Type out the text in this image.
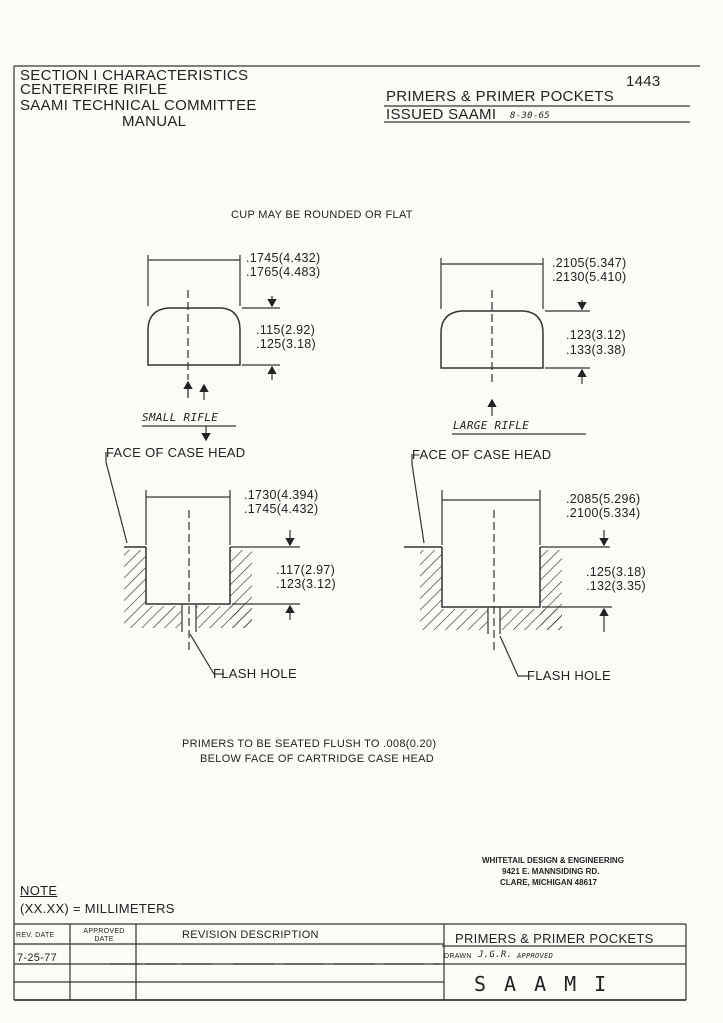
SECTION I CHARACTERISTICS
CENTERFIRE RIFLE
SAAMI TECHNICAL COMMITTEE
MANUAL
1443
PRIMERS & PRIMER POCKETS
ISSUED SAAMI 8-30-65
CUP MAY BE ROUNDED OR FLAT
.1745(4.432)
.1765(4.483)
.115(2.92)
.125(3.18)
SMALL RIFLE
.2105(5.347)
.2130(5.410)
.123(3.12)
.133(3.38)
LARGE RIFLE
FACE OF CASE HEAD	FACE OF CASE HEAD
.1730(4.394)
.1745(4.432)
.117(2.97)
.123(3.12)
FLASH HOLE
.2085(5.296)
.2100(5.334)
.125(3.18)
.132(3.35)
FLASH HOLE
PRIMERS TO BE SEATED FLUSH TO .008(0.20)
BELOW FACE OF CARTRIDGE CASE HEAD
WHITETAIL DESIGN & ENGINEERING
9421 E. MANNSIDING RD.
CLARE, MICHIGAN 48617
NOTE
(XX.XX) = MILLIMETERS
REV. DATE
APPROVED DATE	REVISION DESCRIPTION
7-25-77
PRIMERS & PRIMER POCKETS
DRAWN J.G.R. APPROVED
SAAMI
